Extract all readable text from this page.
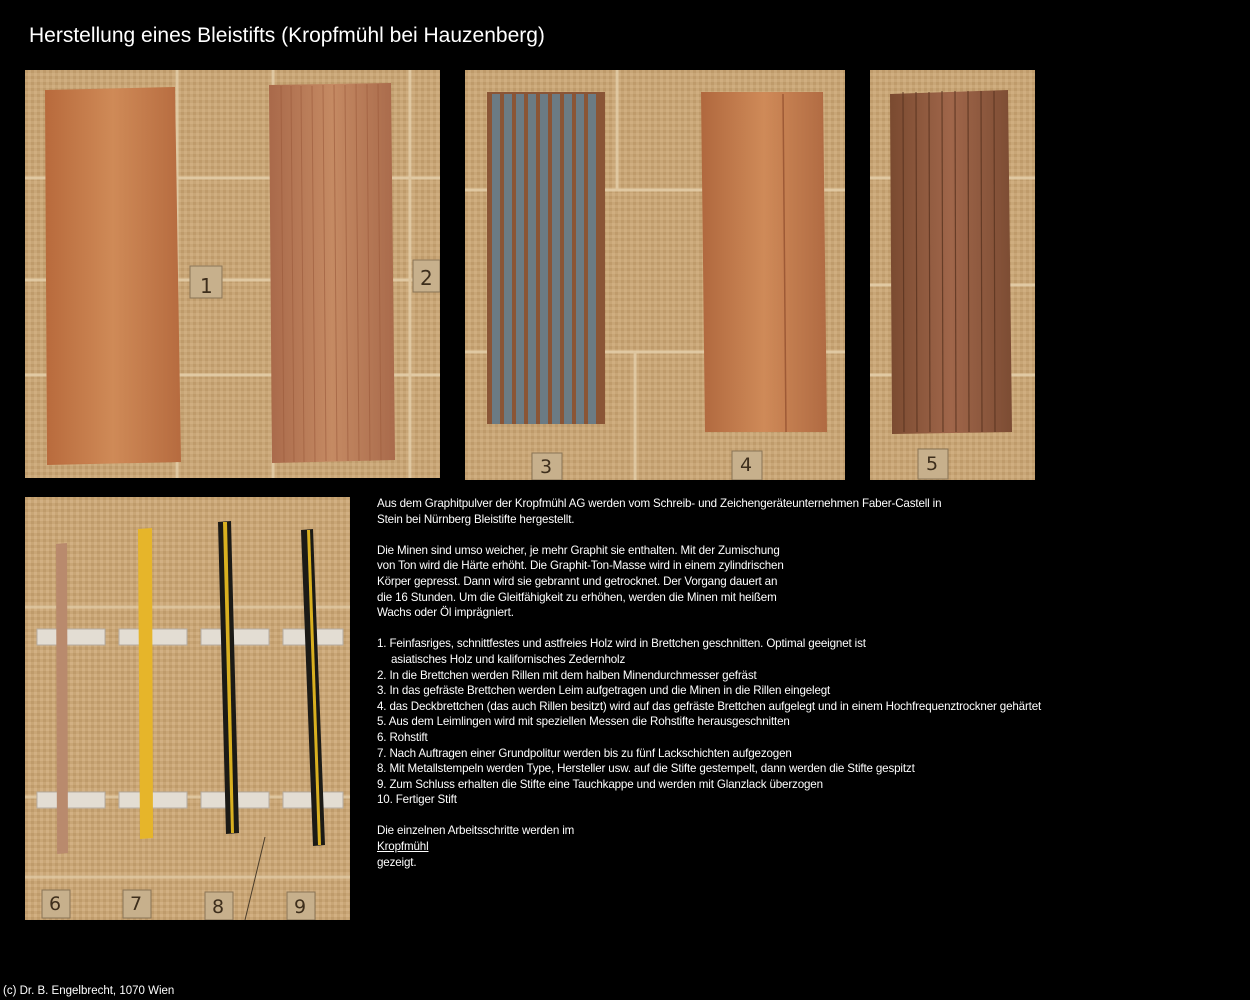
Herstellung eines Bleistifts (Kropfmühl bei Hauzenberg)
1	2
3	4	5
6	7	8	9

Aus dem Graphitpulver der Kropfmühl AG werden vom Schreib- und Zeichengeräteunternehmen Faber-Castell in

Stein bei Nürnberg Bleistifte hergestellt.

Die Minen sind umso weicher, je mehr Graphit sie enthalten. Mit der Zumischung

von Ton wird die Härte erhöht. Die Graphit-Ton-Masse wird in einem zylindrischen

Körper gepresst. Dann wird sie gebrannt und getrocknet. Der Vorgang dauert an

die 16 Stunden. Um die Gleitfähigkeit zu erhöhen, werden die Minen mit heißem

Wachs oder Öl imprägniert.

1. Feinfasriges, schnittfestes und astfreies Holz wird in Brettchen geschnitten. Optimal geeignet ist

asiatisches Holz und kalifornisches Zedernholz

2. In die Brettchen werden Rillen mit dem halben Minendurchmesser gefräst

3. In das gefräste Brettchen werden Leim aufgetragen und die Minen in die Rillen eingelegt

4. das Deckbrettchen (das auch Rillen besitzt) wird auf das gefräste Brettchen aufgelegt und in einem Hochfrequenztrockner gehärtet

5. Aus dem Leimlingen wird mit speziellen Messen die Rohstifte herausgeschnitten

6. Rohstift

7. Nach Auftragen einer Grundpolitur werden bis zu fünf Lackschichten aufgezogen

8. Mit Metallstempeln werden Type, Hersteller usw. auf die Stifte gestempelt, dann werden die Stifte gespitzt

9. Zum Schluss erhalten die Stifte eine Tauchkappe und werden mit Glanzlack überzogen

10. Fertiger Stift

Die einzelnen Arbeitsschritte werden im

Kropfmühl

gezeigt.

(c) Dr. B. Engelbrecht, 1070 Wien
